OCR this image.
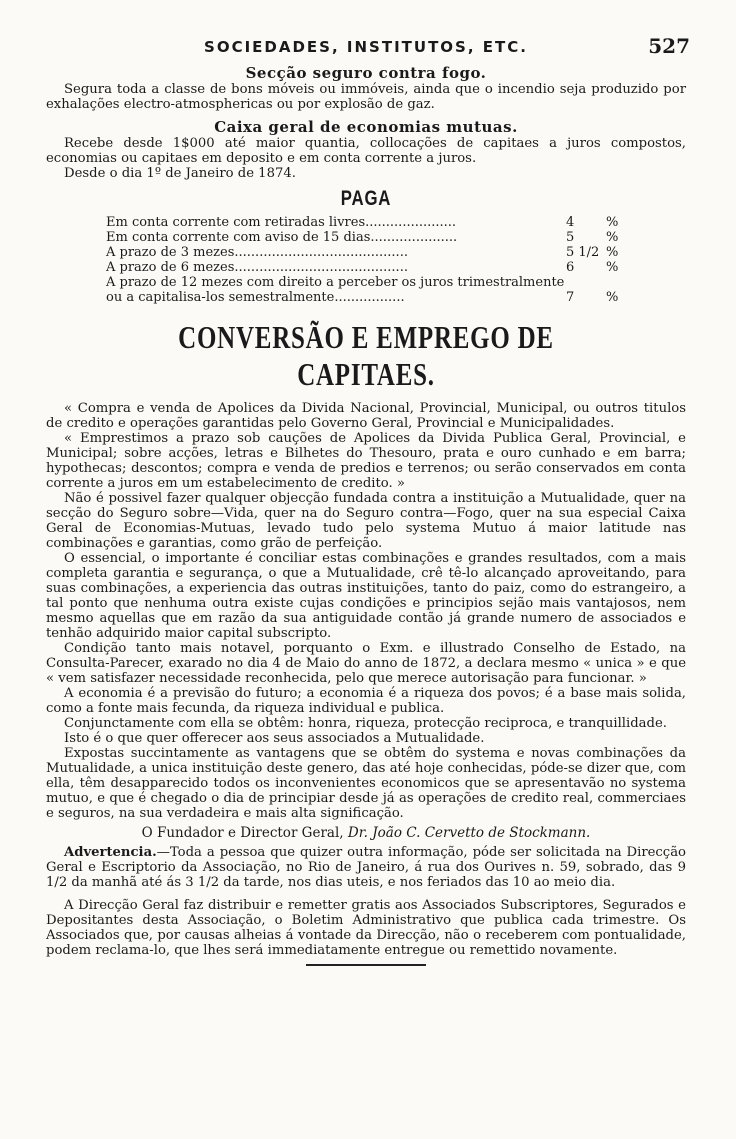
SOCIEDADES, INSTITUTOS, ETC.	527
Secção seguro contra fogo.

Segura toda a classe de bons móveis ou immóveis, ainda que o incendio seja produzido por exhalações electro-atmosphericas ou por explosão de gaz.

Caixa geral de economias mutuas.

Recebe desde 1$000 até maior quantia, collocações de capitaes a juros compostos, economias ou capitaes em deposito e em conta corrente a juros.

Desde o dia 1º de Janeiro de 1874.

PAGA
Em conta corrente com retiradas livres......................	4	%
Em conta corrente com aviso de 15 dias.....................	5	%
A prazo de 3 mezes..........................................	5 1/2	%
A prazo de 6 mezes..........................................	6	%
A prazo de 12 mezes com direito a perceber os juros trimestralmente ou a capitalisa-los semestralmente.................	7	%
CONVERSÃO E EMPREGO DE CAPITAES.

« Compra e venda de Apolices da Divida Nacional, Provincial, Municipal, ou outros titulos de credito e operações garantidas pelo Governo Geral, Provincial e Municipalidades.

« Emprestimos a prazo sob cauções de Apolices da Divida Publica Geral, Provincial, e Municipal; sobre acções, letras e Bilhetes do Thesouro, prata e ouro cunhado e em barra; hypothecas; descontos; compra e venda de predios e terrenos; ou serão conservados em conta corrente a juros em um estabelecimento de credito. »

Não é possivel fazer qualquer objecção fundada contra a instituição a Mutualidade, quer na secção do Seguro sobre—Vida, quer na do Seguro contra—Fogo, quer na sua especial Caixa Geral de Economias-Mutuas, levado tudo pelo systema Mutuo á maior latitude nas combinações e garantias, como grão de perfeição.

O essencial, o importante é conciliar estas combinações e grandes resultados, com a mais completa garantia e segurança, o que a Mutualidade, crê tê-lo alcançado aproveitando, para suas combinações, a experiencia das outras instituições, tanto do paiz, como do estrangeiro, a tal ponto que nenhuma outra existe cujas condições e principios sejão mais vantajosos, nem mesmo aquellas que em razão da sua antiguidade contão já grande numero de associados e tenhão adquirido maior capital subscripto.

Condição tanto mais notavel, porquanto o Exm. e illustrado Conselho de Estado, na Consulta-Parecer, exarado no dia 4 de Maio do anno de 1872, a declara mesmo « unica » e que « vem satisfazer necessidade reconhecida, pelo que merece autorisação para funcionar. »

A economia é a previsão do futuro; a economia é a riqueza dos povos; é a base mais solida, como a fonte mais fecunda, da riqueza individual e publica.

Conjunctamente com ella se obtêm: honra, riqueza, protecção reciproca, e tranquillidade.

Isto é o que quer offerecer aos seus associados a Mutualidade.

Expostas succintamente as vantagens que se obtêm do systema e novas combinações da Mutualidade, a unica instituição deste genero, das até hoje conhecidas, póde-se dizer que, com ella, têm desapparecido todos os inconvenientes economicos que se apresentavão no systema mutuo, e que é chegado o dia de principiar desde já as operações de credito real, commerciaes e seguros, na sua verdadeira e mais alta significação.

O Fundador e Director Geral, Dr. João C. Cervetto de Stockmann.

Advertencia.—Toda a pessoa que quizer outra informação, póde ser solicitada na Direcção Geral e Escriptorio da Associação, no Rio de Janeiro, á rua dos Ourives n. 59, sobrado, das 9 1/2 da manhã até ás 3 1/2 da tarde, nos dias uteis, e nos feriados das 10 ao meio dia.

A Direcção Geral faz distribuir e remetter gratis aos Associados Subscriptores, Segurados e Depositantes desta Associação, o Boletim Administrativo que publica cada trimestre. Os Associados que, por causas alheias á vontade da Direcção, não o receberem com pontualidade, podem reclama-lo, que lhes será immediatamente entregue ou remettido novamente.
